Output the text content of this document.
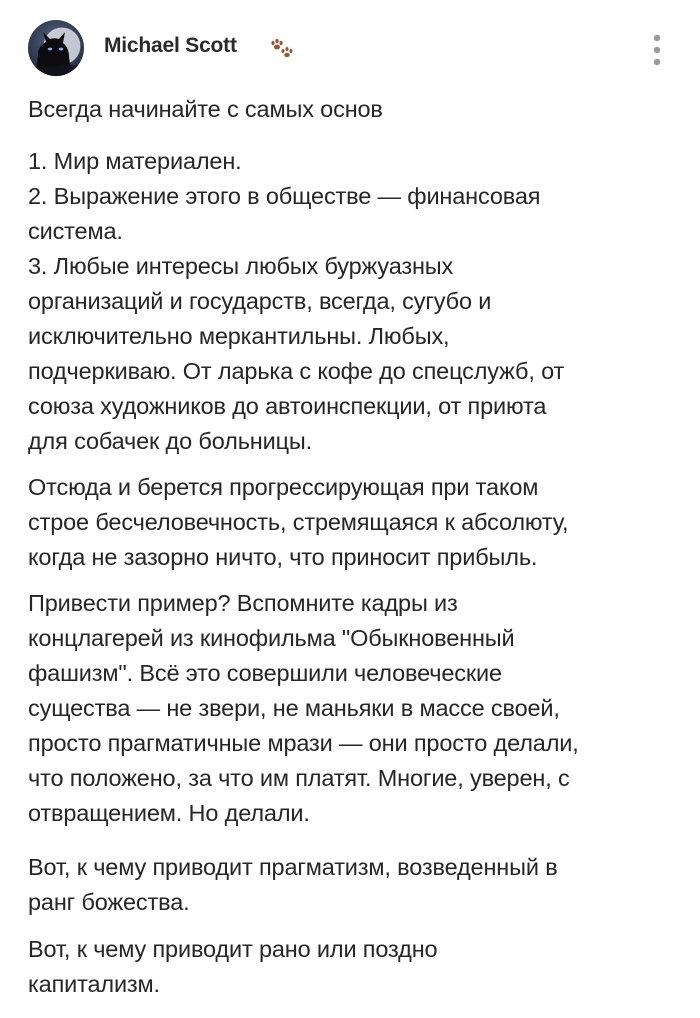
Michael Scott

Всегда начинайте с самых основ

1. Мир материален.
2. Выражение этого в обществе — финансовая
система.
3. Любые интересы любых буржуазных
организаций и государств, всегда, сугубо и
исключительно меркантильны. Любых,
подчеркиваю. От ларька с кофе до спецслужб, от
союза художников до автоинспекции, от приюта
для собачек до больницы.

Отсюда и берется прогрессирующая при таком
строе бесчеловечность, стремящаяся к абсолюту,
когда не зазорно ничто, что приносит прибыль.

Привести пример? Вспомните кадры из
концлагерей из кинофильма "Обыкновенный
фашизм". Всё это совершили человеческие
существа — не звери, не маньяки в массе своей,
просто прагматичные мрази — они просто делали,
что положено, за что им платят. Многие, уверен, с
отвращением. Но делали.

Вот, к чему приводит прагматизм, возведенный в
ранг божества.

Вот, к чему приводит рано или поздно
капитализм.
